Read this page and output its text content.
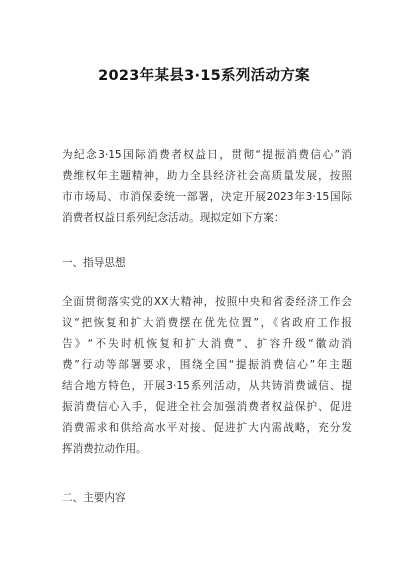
2023年某县3·15系列活动方案
为纪念3·15国际消费者权益日，贯彻“提振消费信心”消
费维权年主题精神，助力全县经济社会高质量发展，按照
市市场局、市消保委统一部署，决定开展2023年3·15国际
消费者权益日系列纪念活动。现拟定如下方案：
一、指导思想
全面贯彻落实党的XX大精神，按照中央和省委经济工作会
议“把恢复和扩大消费摆在优先位置”，《省政府工作报
告》“不失时机恢复和扩大消费”、扩容升级“徽动消
费”行动等部署要求，围绕全国“提振消费信心”年主题
结合地方特色，开展3·15系列活动，从共铸消费诚信、提
振消费信心入手，促进全社会加强消费者权益保护、促进
消费需求和供给高水平对接、促进扩大内需战略，充分发
挥消费拉动作用。
二、主要内容
